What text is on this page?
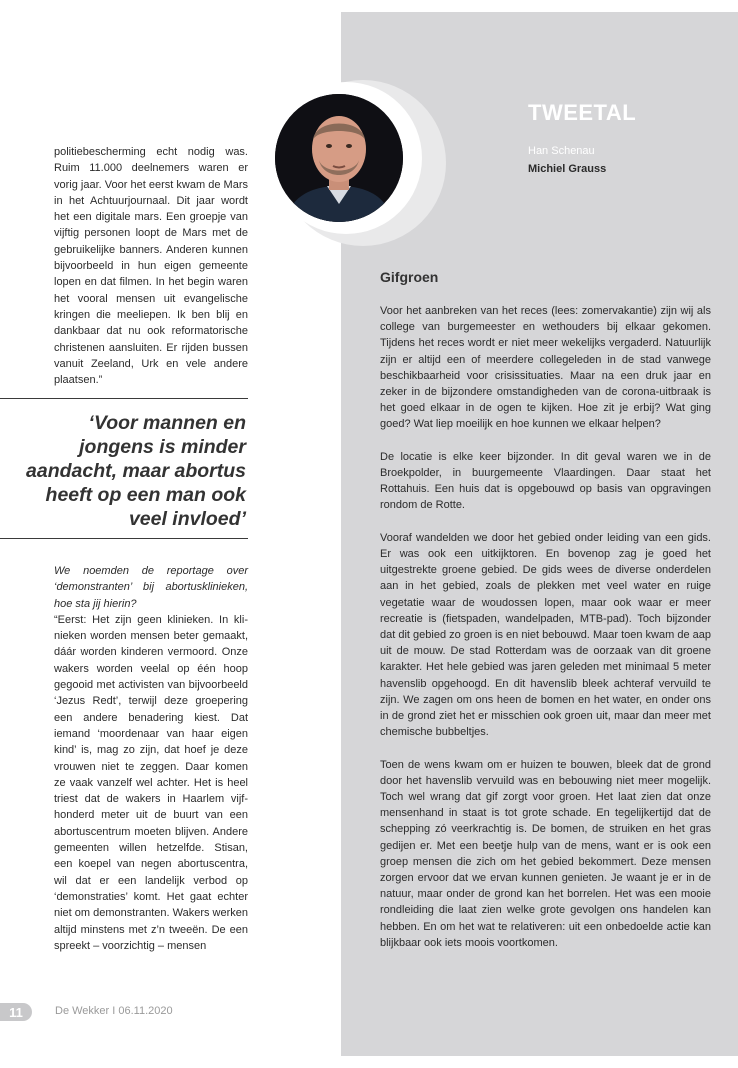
TWEETAL
Han Schenau
Michiel Grauss

politiebescherming echt nodig was. Ruim 11.000 deelnemers waren er vorig jaar. Voor het eerst kwam de Mars in het Achtuurjournaal. Dit jaar wordt het een digitale mars. Een groepje van vijftig personen loopt de Mars met de gebruikelijke banners. Anderen kunnen bijvoorbeeld in hun eigen gemeente lopen en dat filmen. In het begin waren het vooral mensen uit evangelische kringen die meeliepen. Ik ben blij en dankbaar dat nu ook reformatorische christenen aansluiten. Er rijden bussen vanuit Zeeland, Urk en vele andere plaatsen.”

‘Voor mannen en jongens is minder aandacht, maar abortus heeft op een man ook veel invloed’

We noemden de reportage over ‘demonstranten’ bij abortusklinieken, hoe sta jij hierin?

“Eerst: Het zijn geen klinieken. In klinieken worden mensen beter gemaakt, dáár worden kinderen vermoord. Onze wakers worden veelal op één hoop gegooid met activisten van bijvoorbeeld ‘Jezus Redt’, terwijl deze groepering een andere benadering kiest. Dat iemand ‘moordenaar van haar eigen kind’ is, mag zo zijn, dat hoef je deze vrouwen niet te zeggen. Daar komen ze vaak vanzelf wel achter. Het is heel triest dat de wakers in Haarlem vijfhonderd meter uit de buurt van een abortuscentrum moeten blijven. Andere gemeenten willen hetzelfde. Stisan, een koepel van negen abortuscentra, wil dat er een landelijk verbod op ‘demonstraties’ komt. Het gaat echter niet om demonstranten. Wakers werken altijd minstens met z’n tweeën. De een spreekt – voorzichtig – mensen

Gifgroen

Voor het aanbreken van het reces (lees: zomervakantie) zijn wij als college van burgemeester en wethouders bij elkaar gekomen. Tijdens het reces wordt er niet meer wekelijks vergaderd. Natuurlijk zijn er altijd een of meerdere collegeleden in de stad vanwege beschikbaarheid voor crisissituaties. Maar na een druk jaar en zeker in de bijzondere omstandigheden van de corona-uitbraak is het goed elkaar in de ogen te kijken. Hoe zit je erbij? Wat ging goed? Wat liep moeilijk en hoe kunnen we elkaar helpen?

De locatie is elke keer bijzonder. In dit geval waren we in de Broekpolder, in buurgemeente Vlaardingen. Daar staat het Rottahuis. Een huis dat is opgebouwd op basis van opgravingen rondom de Rotte.

Vooraf wandelden we door het gebied onder leiding van een gids. Er was ook een uitkijktoren. En bovenop zag je goed het uitgestrekte groene gebied. De gids wees de diverse onderdelen aan in het gebied, zoals de plekken met veel water en ruige vegetatie waar de woudossen lopen, maar ook waar er meer recreatie is (fietspaden, wandelpaden, MTB-pad). Toch bijzonder dat dit gebied zo groen is en niet bebouwd. Maar toen kwam de aap uit de mouw. De stad Rotterdam was de oorzaak van dit groene karakter. Het hele gebied was jaren geleden met minimaal 5 meter havenslib opgehoogd. En dit havenslib bleek achteraf vervuild te zijn. We zagen om ons heen de bomen en het water, en onder ons in de grond ziet het er misschien ook groen uit, maar dan meer met chemische bubbeltjes.

Toen de wens kwam om er huizen te bouwen, bleek dat de grond door het havenslib vervuild was en bebouwing niet meer mogelijk. Toch wel wrang dat gif zorgt voor groen. Het laat zien dat onze mensenhand in staat is tot grote schade. En tegelijkertijd dat de schepping zó veerkrachtig is. De bomen, de struiken en het gras gedijen er. Met een beetje hulp van de mens, want er is ook een groep mensen die zich om het gebied bekommert. Deze mensen zorgen ervoor dat we ervan kunnen genieten. Je waant je er in de natuur, maar onder de grond kan het borrelen. Het was een mooie rondleiding die laat zien welke grote gevolgen ons handelen kan hebben. En om het wat te relativeren: uit een onbedoelde actie kan blijkbaar ook iets moois voortkomen.

11	De Wekker I 06.11.2020
